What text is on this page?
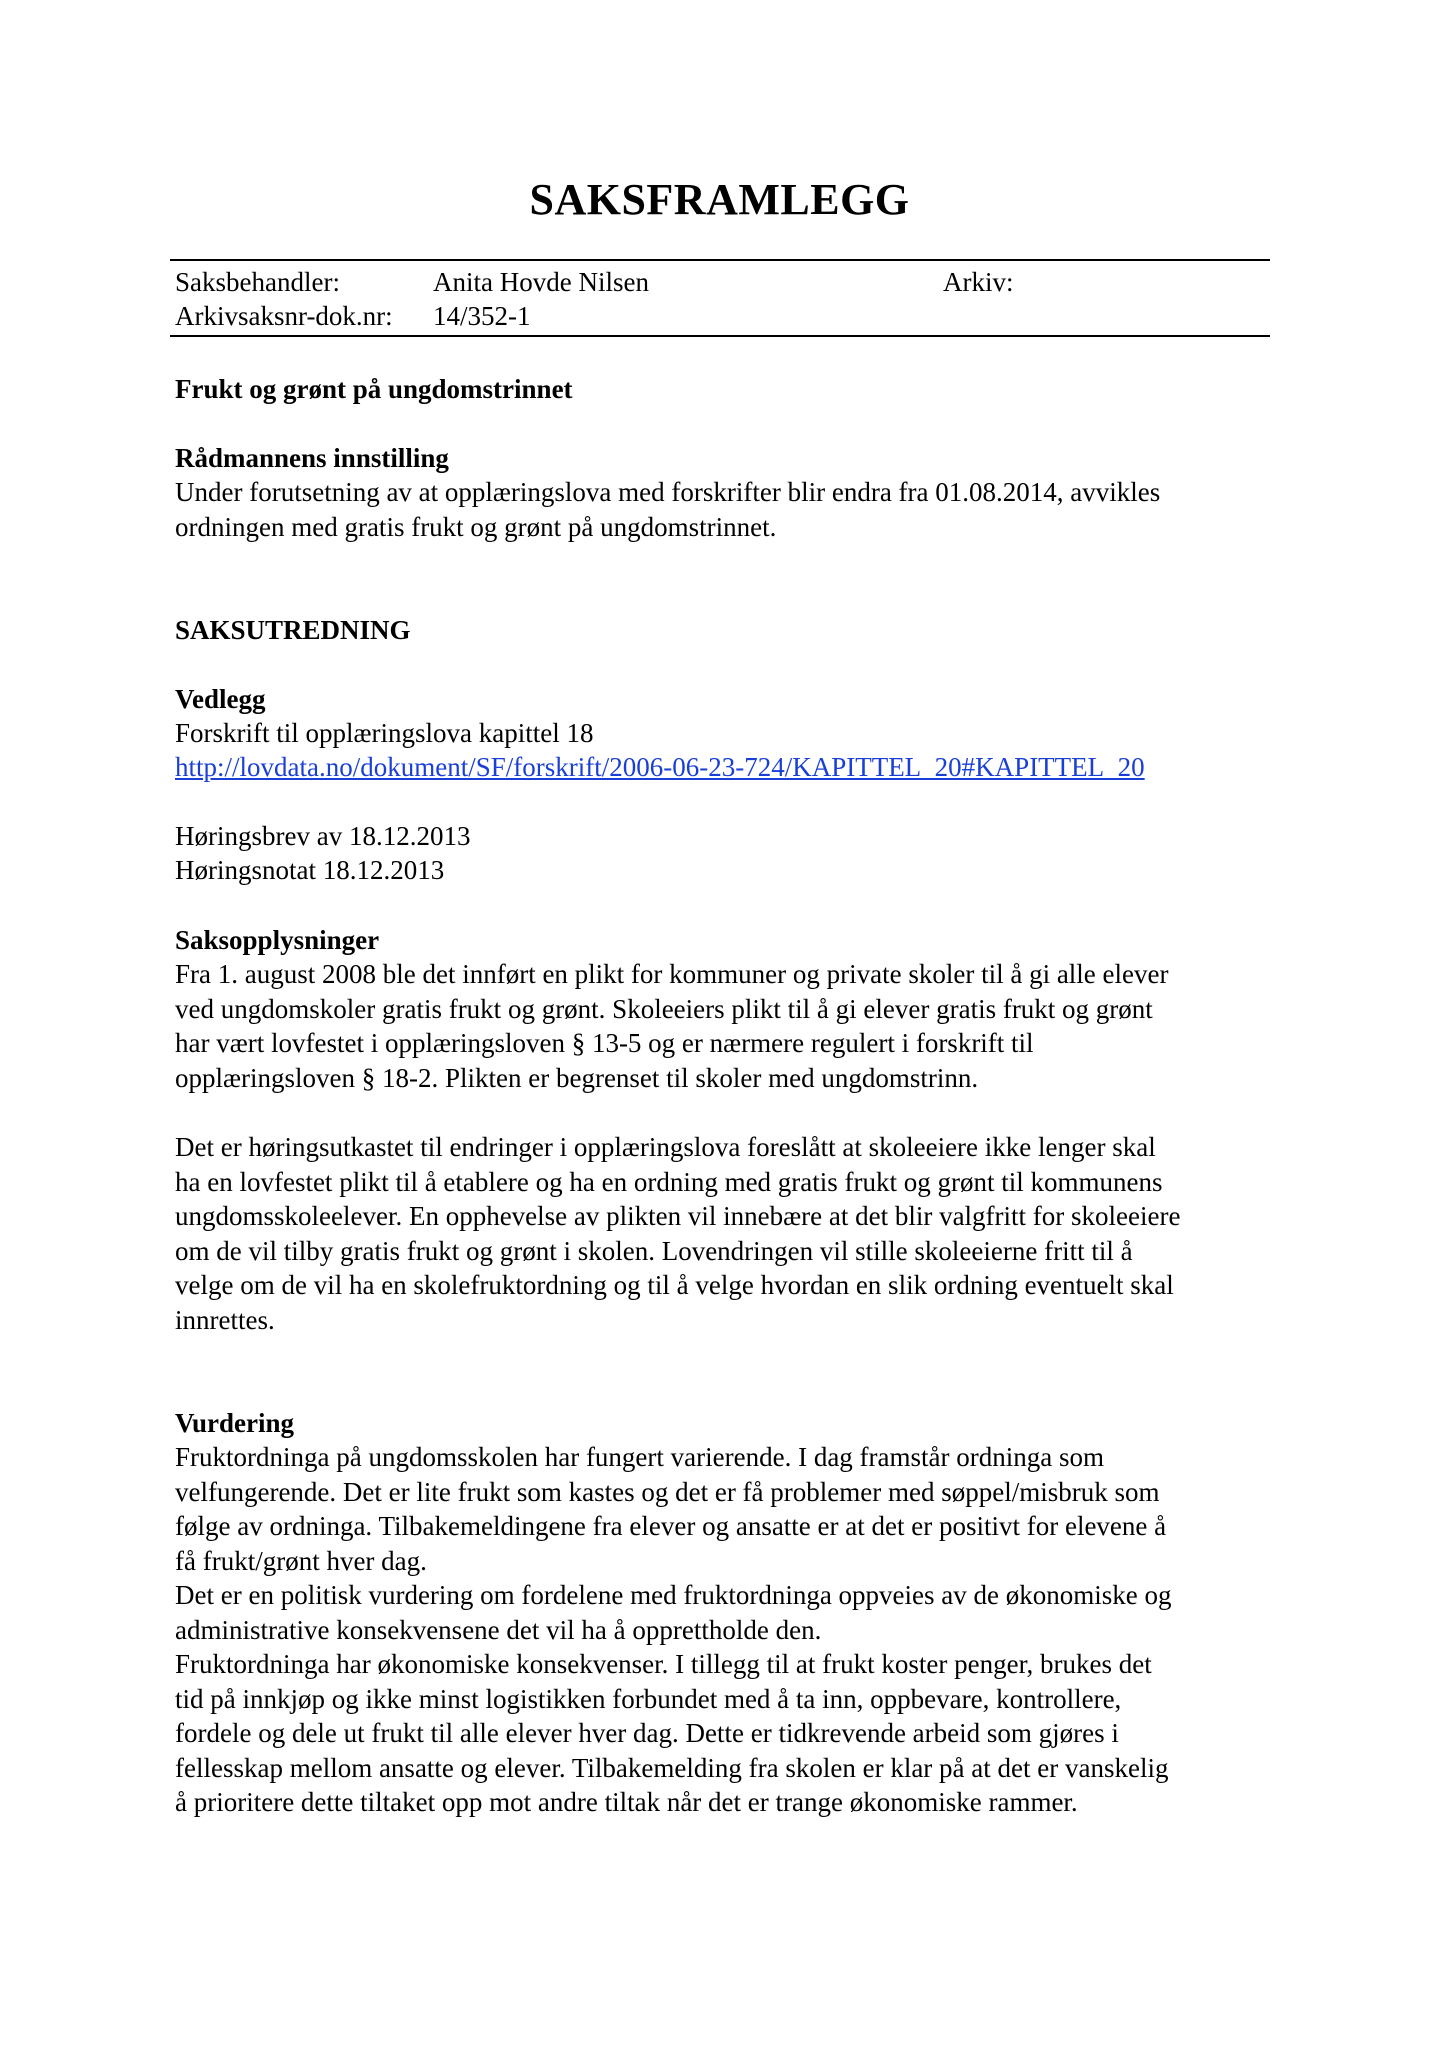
SAKSFRAMLEGG
Saksbehandler:	Anita Hovde Nilsen	Arkiv:
Arkivsaksnr-dok.nr: 14/352-1
Frukt og grønt på ungdomstrinnet
Rådmannens innstilling

Under forutsetning av at opplæringslova med forskrifter blir endra fra 01.08.2014, avvikles

ordningen med gratis frukt og grønt på ungdomstrinnet.

SAKSUTREDNING
Vedlegg
Forskrift til opplæringslova kapittel 18
http://lovdata.no/dokument/SF/forskrift/2006-06-23-724/KAPITTEL_20#KAPITTEL_20
Høringsbrev av 18.12.2013
Høringsnotat 18.12.2013
Saksopplysninger

Fra 1. august 2008 ble det innført en plikt for kommuner og private skoler til å gi alle elever

ved ungdomskoler gratis frukt og grønt. Skoleeiers plikt til å gi elever gratis frukt og grønt

har vært lovfestet i opplæringsloven § 13-5 og er nærmere regulert i forskrift til

opplæringsloven § 18-2. Plikten er begrenset til skoler med ungdomstrinn.

Det er høringsutkastet til endringer i opplæringslova foreslått at skoleeiere ikke lenger skal

ha en lovfestet plikt til å etablere og ha en ordning med gratis frukt og grønt til kommunens

ungdomsskoleelever. En opphevelse av plikten vil innebære at det blir valgfritt for skoleeiere

om de vil tilby gratis frukt og grønt i skolen. Lovendringen vil stille skoleeierne fritt til å

velge om de vil ha en skolefruktordning og til å velge hvordan en slik ordning eventuelt skal

innrettes.

Vurdering

Fruktordninga på ungdomsskolen har fungert varierende. I dag framstår ordninga som

velfungerende. Det er lite frukt som kastes og det er få problemer med søppel/misbruk som

følge av ordninga. Tilbakemeldingene fra elever og ansatte er at det er positivt for elevene å

få frukt/grønt hver dag.

Det er en politisk vurdering om fordelene med fruktordninga oppveies av de økonomiske og

administrative konsekvensene det vil ha å opprettholde den.

Fruktordninga har økonomiske konsekvenser. I tillegg til at frukt koster penger, brukes det

tid på innkjøp og ikke minst logistikken forbundet med å ta inn, oppbevare, kontrollere,

fordele og dele ut frukt til alle elever hver dag. Dette er tidkrevende arbeid som gjøres i

fellesskap mellom ansatte og elever. Tilbakemelding fra skolen er klar på at det er vanskelig

å prioritere dette tiltaket opp mot andre tiltak når det er trange økonomiske rammer.
